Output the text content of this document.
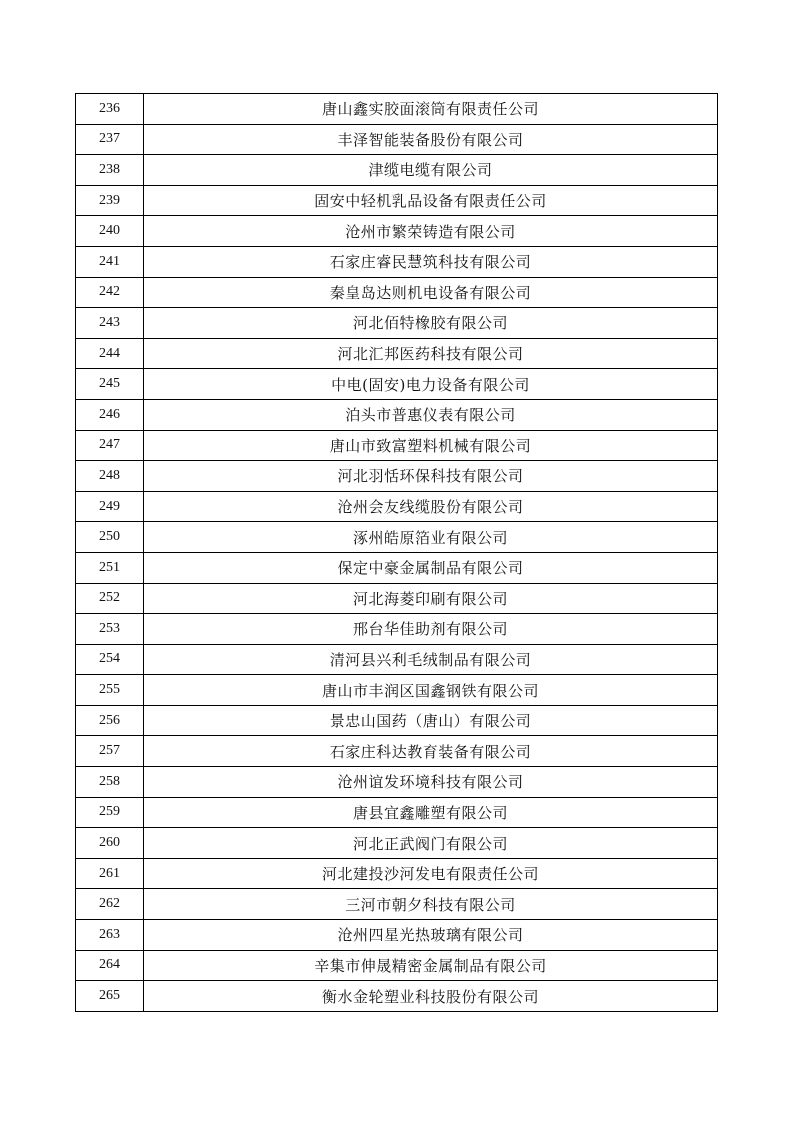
236	唐山鑫实胶面滚筒有限责任公司
237	丰泽智能装备股份有限公司
238	津缆电缆有限公司
239	固安中轻机乳品设备有限责任公司
240	沧州市繁荣铸造有限公司
241	石家庄睿民慧筑科技有限公司
242	秦皇岛达则机电设备有限公司
243	河北佰特橡胶有限公司
244	河北汇邦医药科技有限公司
245	中电(固安)电力设备有限公司
246	泊头市普惠仪表有限公司
247	唐山市致富塑料机械有限公司
248	河北羽恬环保科技有限公司
249	沧州会友线缆股份有限公司
250	涿州皓原箔业有限公司
251	保定中豪金属制品有限公司
252	河北海菱印刷有限公司
253	邢台华佳助剂有限公司
254	清河县兴利毛绒制品有限公司
255	唐山市丰润区国鑫钢铁有限公司
256	景忠山国药（唐山）有限公司
257	石家庄科达教育装备有限公司
258	沧州谊发环境科技有限公司
259	唐县宜鑫雕塑有限公司
260	河北正武阀门有限公司
261	河北建投沙河发电有限责任公司
262	三河市朝夕科技有限公司
263	沧州四星光热玻璃有限公司
264	辛集市伸晟精密金属制品有限公司
265	衡水金轮塑业科技股份有限公司
